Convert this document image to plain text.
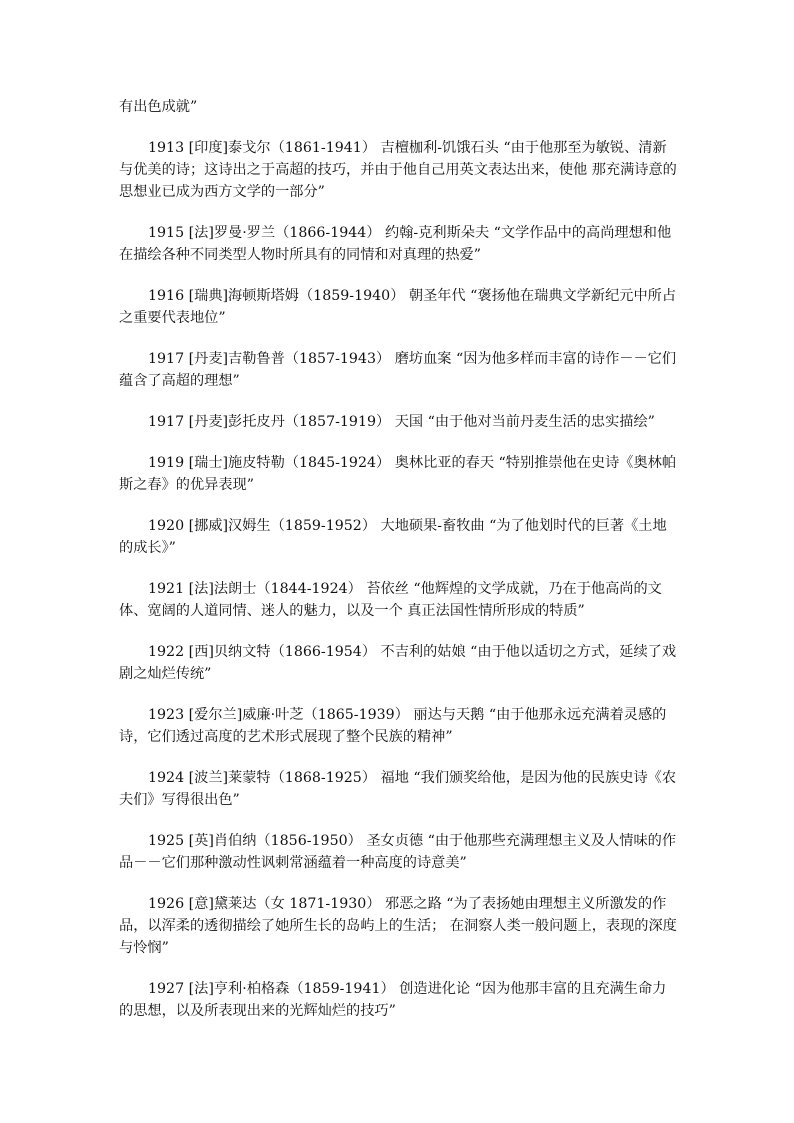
有出色成就”

1913 [印度]泰戈尔（1861-1941） 吉檀枷利-饥饿石头 “由于他那至为敏锐、清新与优美的诗；这诗出之于高超的技巧，并由于他自己用英文表达出来，使他 那充满诗意的思想业已成为西方文学的一部分”

1915 [法]罗曼·罗兰（1866-1944） 约翰-克利斯朵夫 “文学作品中的高尚理想和他在描绘各种不同类型人物时所具有的同情和对真理的热爱”

1916 [瑞典]海顿斯塔姆（1859-1940） 朝圣年代 “褒扬他在瑞典文学新纪元中所占之重要代表地位”

1917 [丹麦]吉勒鲁普（1857-1943） 磨坊血案 “因为他多样而丰富的诗作－－它们蕴含了高超的理想”

1917 [丹麦]彭托皮丹（1857-1919） 天国 “由于他对当前丹麦生活的忠实描绘”

1919 [瑞士]施皮特勒（1845-1924） 奥林比亚的春天 “特别推崇他在史诗《奥林帕斯之春》的优异表现”

1920 [挪威]汉姆生（1859-1952） 大地硕果-畜牧曲 “为了他划时代的巨著《土地的成长》”

1921 [法]法朗士（1844-1924） 苔依丝 “他辉煌的文学成就，乃在于他高尚的文体、宽阔的人道同情、迷人的魅力，以及一个 真正法国性情所形成的特质”

1922 [西]贝纳文特（1866-1954） 不吉利的姑娘 “由于他以适切之方式，延续了戏剧之灿烂传统”

1923 [爱尔兰]威廉·叶芝（1865-1939） 丽达与天鹅 “由于他那永远充满着灵感的诗，它们透过高度的艺术形式展现了整个民族的精神”

1924 [波兰]莱蒙特（1868-1925） 福地 “我们颁奖给他，是因为他的民族史诗《农夫们》写得很出色”

1925 [英]肖伯纳（1856-1950） 圣女贞德 “由于他那些充满理想主义及人情味的作品－－它们那种激动性讽刺常涵蕴着一种高度的诗意美”

1926 [意]黛莱达（女 1871-1930） 邪恶之路 “为了表扬她由理想主义所激发的作品，以浑柔的透彻描绘了她所生长的岛屿上的生活； 在洞察人类一般问题上，表现的深度与怜悯”

1927 [法]亨利·柏格森（1859-1941） 创造进化论 “因为他那丰富的且充满生命力的思想，以及所表现出来的光辉灿烂的技巧”
